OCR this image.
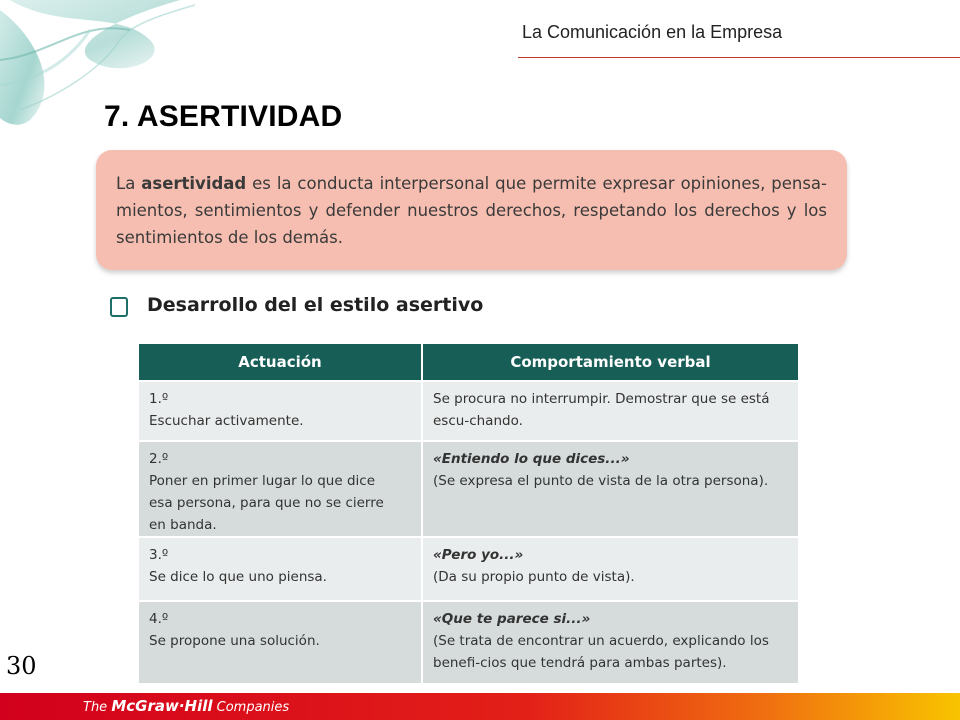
La Comunicación en la Empresa
7. ASERTIVIDAD
La asertividad es la conducta interpersonal que permite expresar opiniones, pensa-mientos, sentimientos y defender nuestros derechos, respetando los derechos y los sentimientos de los demás.
Desarrollo del el estilo asertivo
Actuación	Comportamiento verbal
1.ºEscuchar activamente.	Se procura no interrumpir. Demostrar que se está escu-chando.

2.ºPoner en primer lugar lo que dice esa persona, para que no se cierre en banda.	«Entiendo lo que dices...»
(Se expresa el punto de vista de la otra persona).

3.ºSe dice lo que uno piensa.	«Pero yo...»
(Da su propio punto de vista).

4.ºSe propone una solución.	«Que te parece si...»
(Se trata de encontrar un acuerdo, explicando los benefi-cios que tendrá para ambas partes).
30
The McGraw·Hill Companies
